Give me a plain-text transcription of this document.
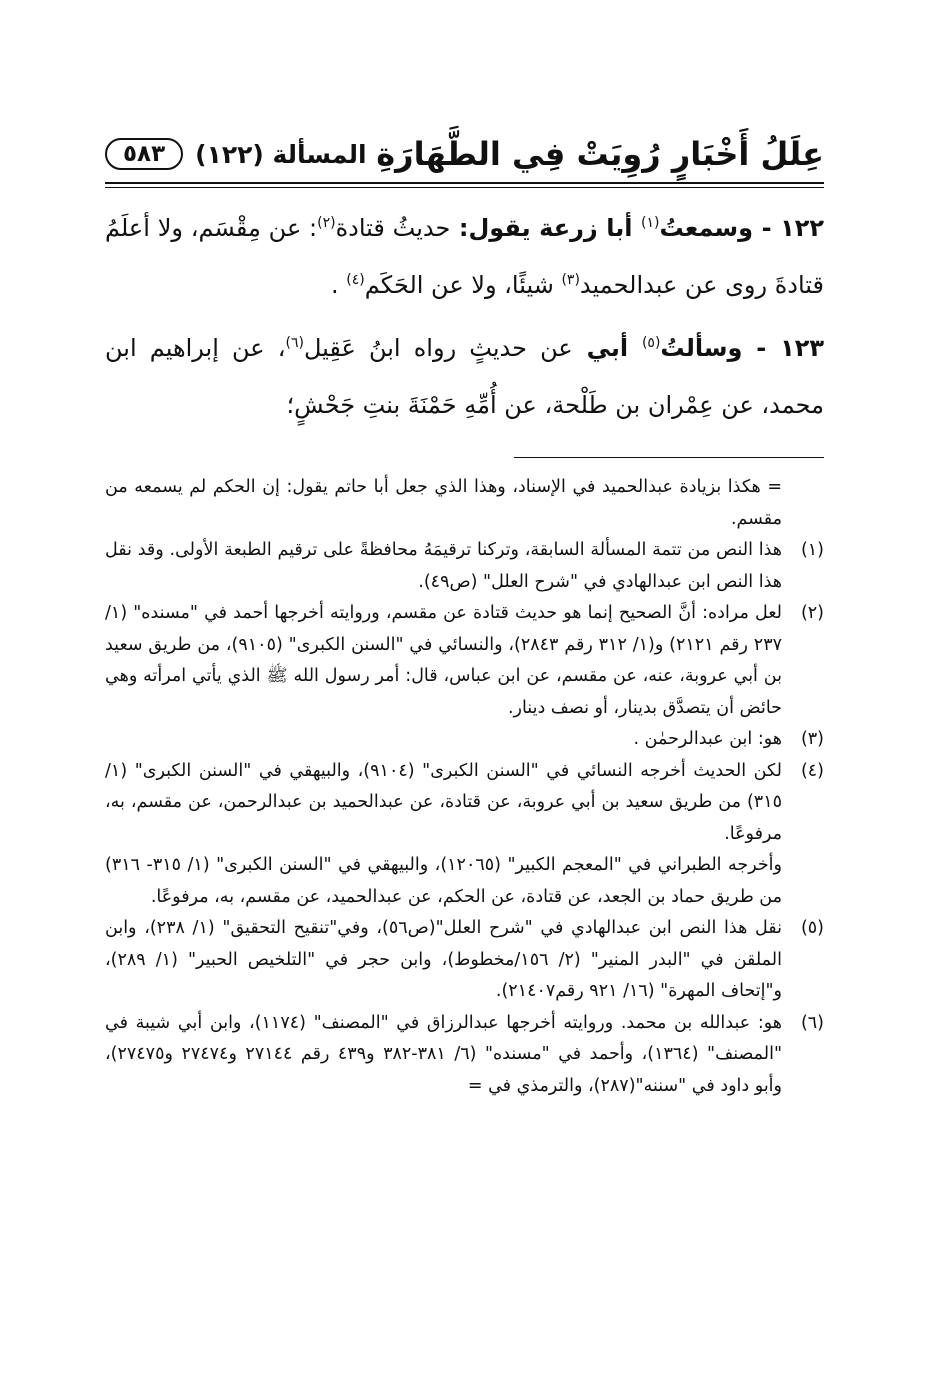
عِلَلُ أَخْبَارٍ رُوِيَتْ فِي الطَّهَارَةِ
المسألة (١٢٢)
٥٨٣

١٢٢ - وسمعتُ$^{(١)}$ أبا زرعة يقول: حديثُ قتادة$^{(٢)}$: عن مِقْسَم، ولا أعلَمُ قتادةَ روى عن عبدالحميد$^{(٣)}$ شيئًا، ولا عن الحَكَم$^{(٤)}$ .

١٢٣ - وسألتُ$^{(٥)}$ أبي عن حديثٍ رواه ابنُ عَقِيل$^{(٦)}$، عن إبراهيم ابن محمد، عن عِمْران بن طَلْحة، عن أُمِّهِ حَمْنَةَ بنتِ جَحْشٍ؛

= هكذا بزيادة عبدالحميد في الإسناد، وهذا الذي جعل أبا حاتم يقول: إن الحكم لم يسمعه من مقسم.
(١)

هذا النص من تتمة المسألة السابقة، وتركنا ترقيمَهُ محافظةً على ترقيم الطبعة الأولى. وقد نقل هذا النص ابن عبدالهادي في "شرح العلل" (ص٤٩).

(٢)

لعل مراده: أنَّ الصحيح إنما هو حديث قتادة عن مقسم، وروايته أخرجها أحمد في "مسنده" (١/ ٢٣٧ رقم ٢١٢١) و(١/ ٣١٢ رقم ٢٨٤٣)، والنسائي في "السنن الكبرى" (٩١٠٥)، من طريق سعيد بن أبي عروبة، عنه، عن مقسم، عن ابن عباس، قال: أمر رسول الله ﷺ الذي يأتي امرأته وهي حائض أن يتصدَّق بدينار، أو نصف دينار.

(٣)

هو: ابن عبدالرحمٰن .

(٤)

لكن الحديث أخرجه النسائي في "السنن الكبرى" (٩١٠٤)، والبيهقي في "السنن الكبرى" (١/ ٣١٥) من طريق سعيد بن أبي عروبة، عن قتادة، عن عبدالحميد بن عبدالرحمن، عن مقسم، به، مرفوعًا.

وأخرجه الطبراني في "المعجم الكبير" (١٢٠٦٥)، والبيهقي في "السنن الكبرى" (١/ ٣١٥- ٣١٦) من طريق حماد بن الجعد، عن قتادة، عن الحكم، عن عبدالحميد، عن مقسم، به، مرفوعًا.

(٥)

نقل هذا النص ابن عبدالهادي في "شرح العلل"(ص٥٦)، وفي"تنقيح التحقيق" (١/ ٢٣٨)، وابن الملقن في "البدر المنير" (٢/ ١٥٦/مخطوط)، وابن حجر في "التلخيص الحبير" (١/ ٢٨٩)، و"إتحاف المهرة" (١٦/ ٩٢١ رقم٢١٤٠٧).

(٦)

هو: عبدالله بن محمد. وروايته أخرجها عبدالرزاق في "المصنف" (١١٧٤)، وابن أبي شيبة في "المصنف" (١٣٦٤)، وأحمد في "مسنده" (٦/ ٣٨١-٣٨٢ و٤٣٩ رقم ٢٧١٤٤ و٢٧٤٧٤ و٢٧٤٧٥)، وأبو داود في "سننه"(٢٨٧)، والترمذي في =
